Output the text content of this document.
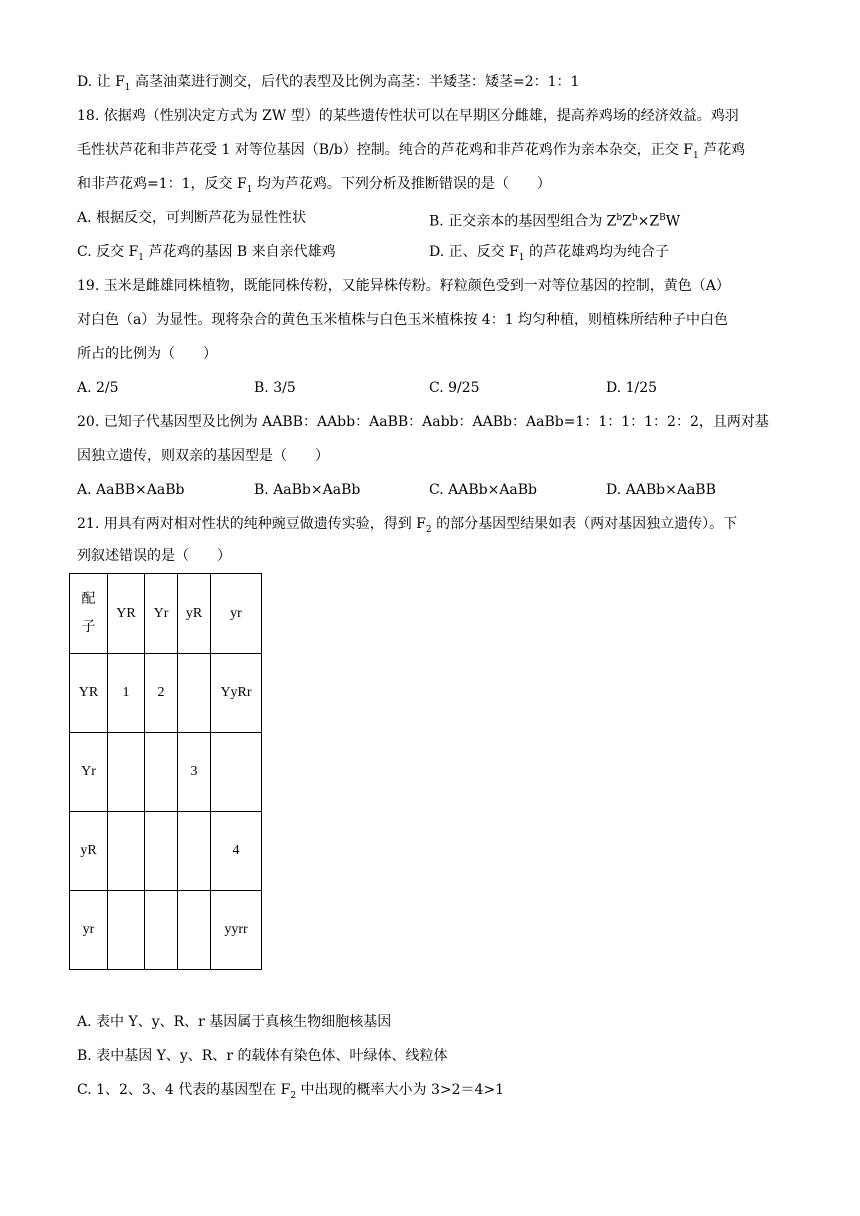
D. 让 $F_1$ 高茎油菜进行测交，后代的表型及比例为高茎：半矮茎：矮茎=2：1：1
18. 依据鸡（性别决定方式为 ZW 型）的某些遗传性状可以在早期区分雌雄，提高养鸡场的经济效益。鸡羽
毛性状芦花和非芦花受 1 对等位基因（B/b）控制。纯合的芦花鸡和非芦花鸡作为亲本杂交，正交 $F_1$ 芦花鸡
和非芦花鸡=1：1，反交 $F_1$ 均为芦花鸡。下列分析及推断错误的是（　　）
A. 根据反交，可判断芦花为显性性状	B. 正交亲本的基因型组合为 $Z^bZ^b\times Z^BW$
C. 反交 $F_1$ 芦花鸡的基因 B 来自亲代雄鸡	D. 正、反交 $F_1$ 的芦花雄鸡均为纯合子
19. 玉米是雌雄同株植物，既能同株传粉，又能异株传粉。籽粒颜色受到一对等位基因的控制，黄色（A）
对白色（a）为显性。现将杂合的黄色玉米植株与白色玉米植株按 4：1 均匀种植，则植株所结种子中白色
所占的比例为（　　）
A. 2/5	B. 3/5	C. 9/25	D. 1/25
20. 已知子代基因型及比例为 AABB：AAbb：AaBB：Aabb：AABb：AaBb=1：1：1：1：2：2，且两对基
因独立遗传，则双亲的基因型是（　　）
A. AaBB×AaBb	B. AaBb×AaBb	C. AABb×AaBb	D. AABb×AaBB
21. 用具有两对相对性状的纯种豌豆做遗传实验，得到 $F_2$ 的部分基因型结果如表（两对基因独立遗传）。下
列叙述错误的是（　　）
配
子	YR	Yr	yR	yr
YR	1	2		YyRr
Yr			3	
yR				4
yr				yyrr
A. 表中 Y、y、R、r 基因属于真核生物细胞核基因
B. 表中基因 Y、y、R、r 的载体有染色体、叶绿体、线粒体
C. 1、2、3、4 代表的基因型在 $F_2$ 中出现的概率大小为 3>2＝4>1
